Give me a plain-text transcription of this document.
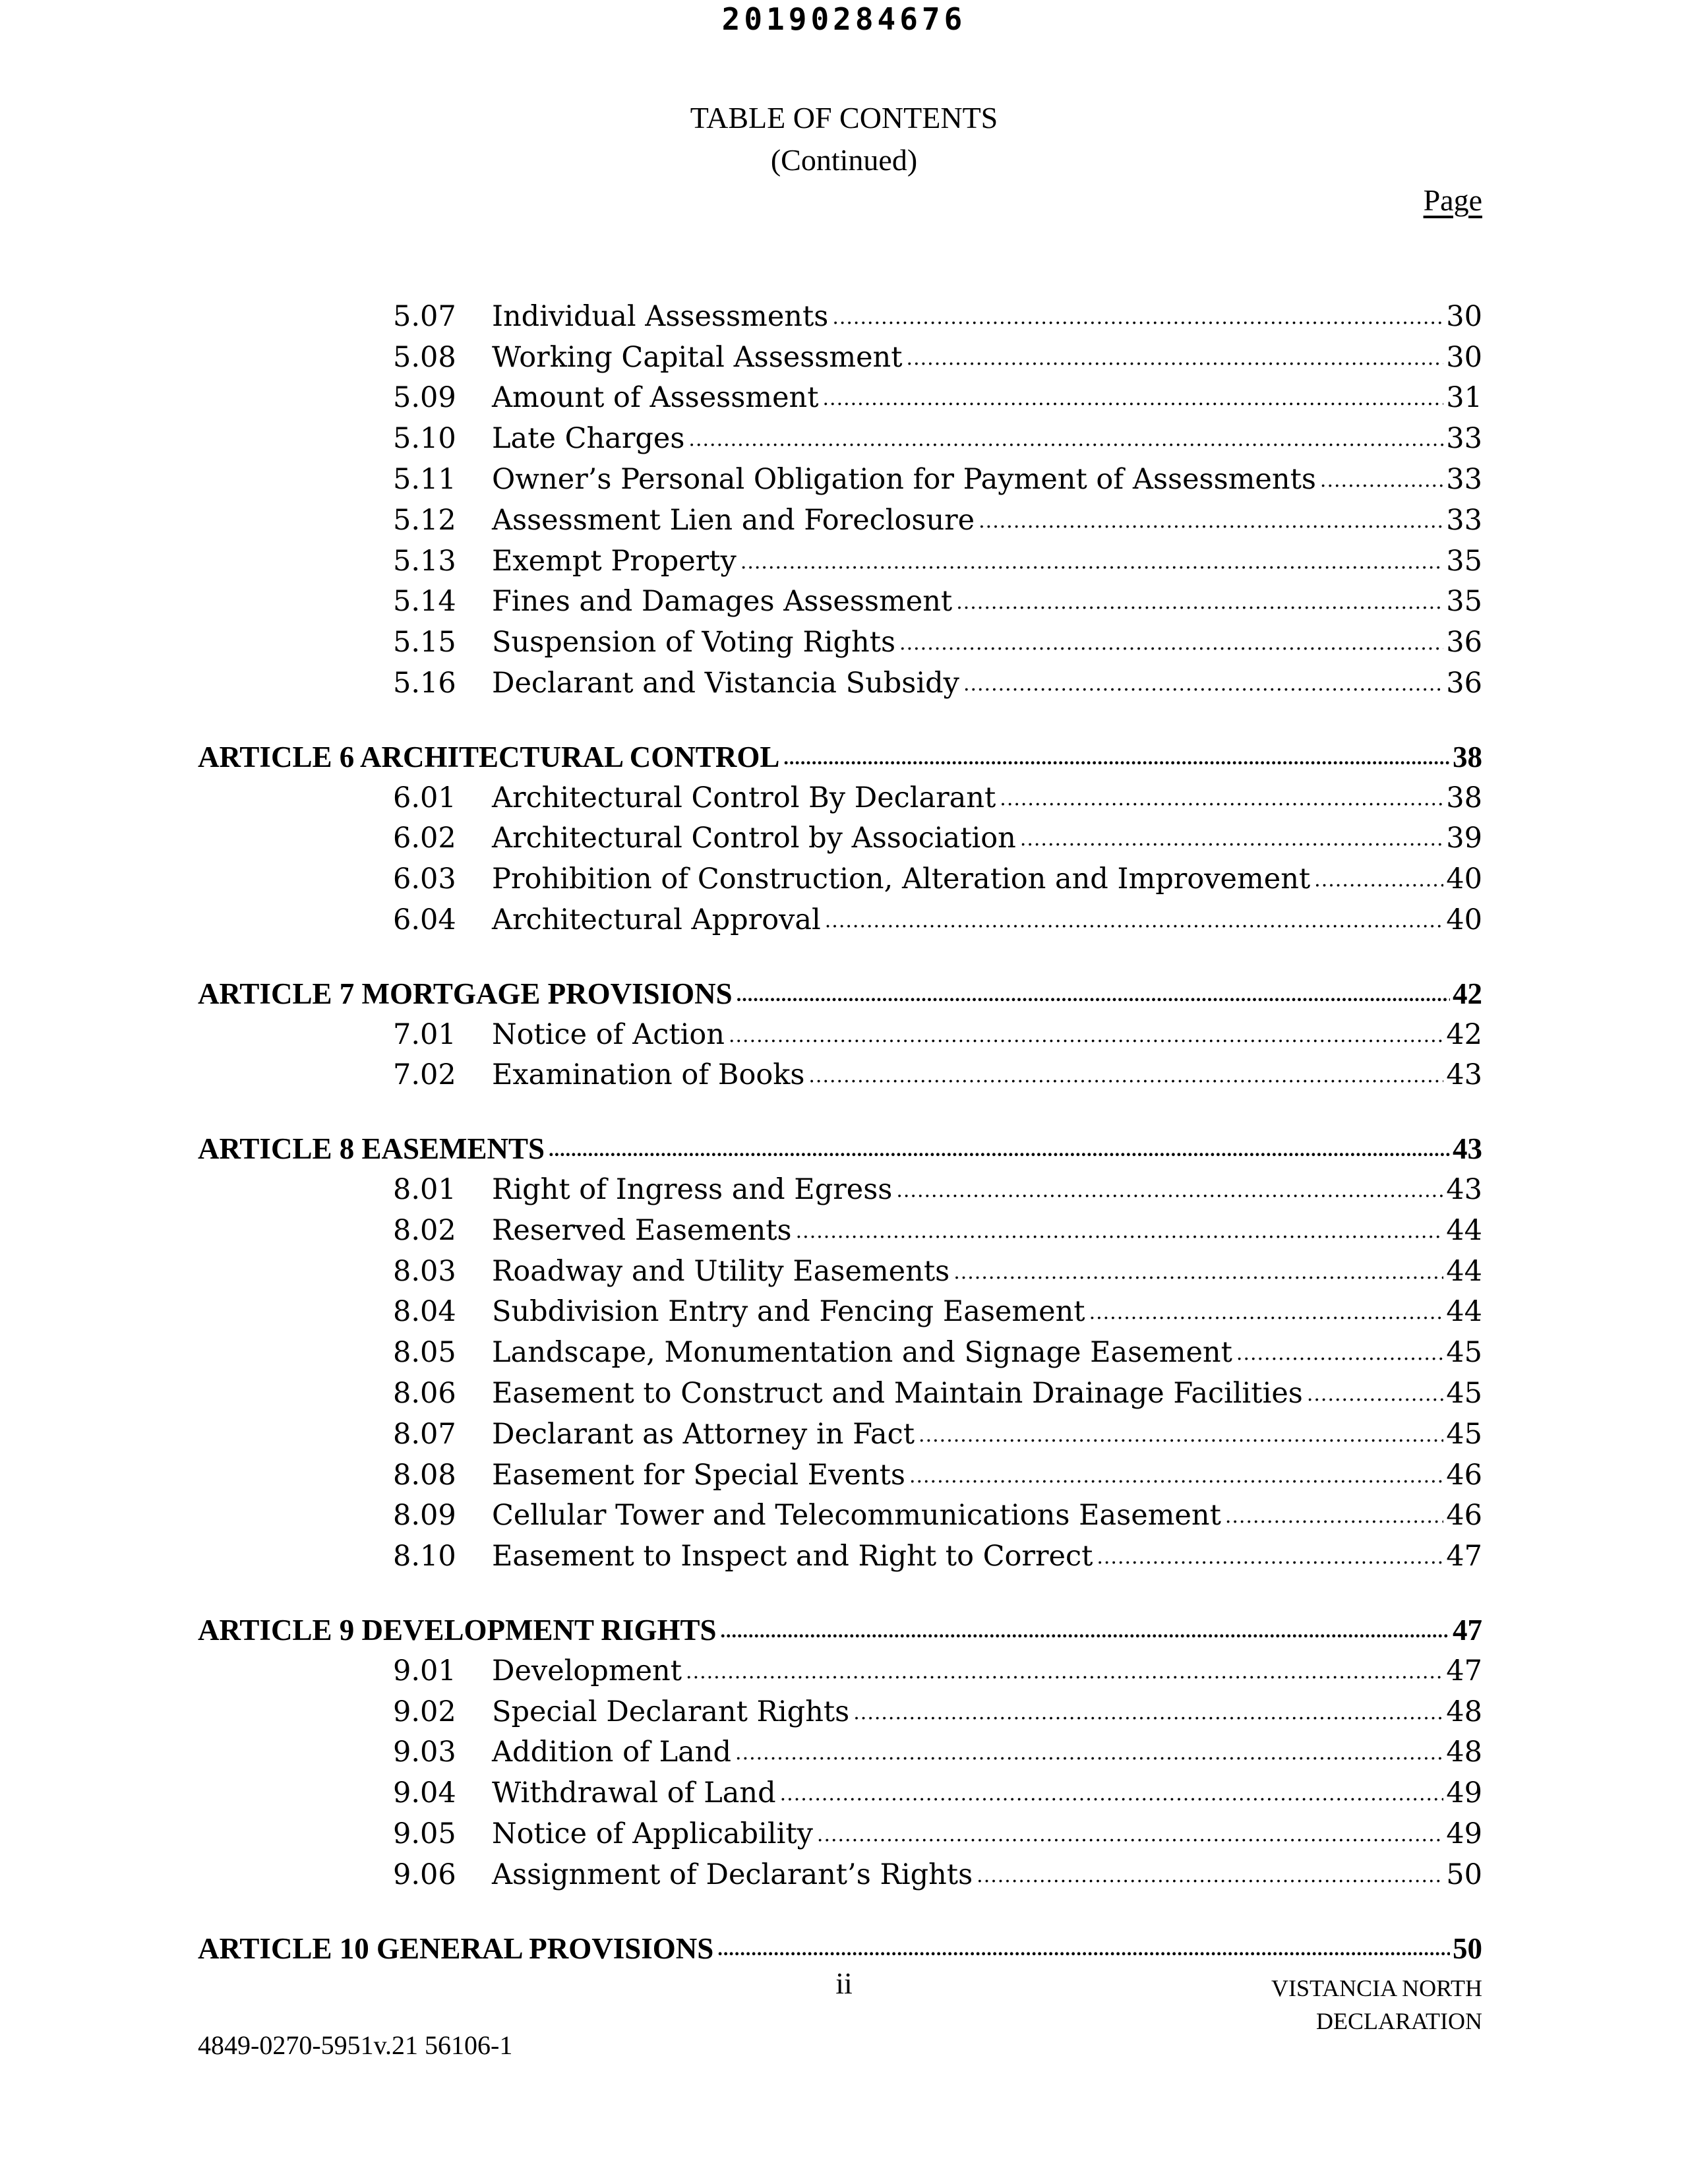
20190284676
TABLE OF CONTENTS
(Continued)
Page
5.07	Individual Assessments .....	30
5.08	Working Capital Assessment .....	30
5.09	Amount of Assessment .....	31
5.10	Late Charges .....	33
5.11	Owner’s Personal Obligation for Payment of Assessments .....	33
5.12	Assessment Lien and Foreclosure .....	33
5.13	Exempt Property .....	35
5.14	Fines and Damages Assessment .....	35
5.15	Suspension of Voting Rights .....	36
5.16	Declarant and Vistancia Subsidy .....	36
ARTICLE 6 ARCHITECTURAL CONTROL .....	38
6.01	Architectural Control By Declarant .....	38
6.02	Architectural Control by Association .....	39
6.03	Prohibition of Construction, Alteration and Improvement .....	40
6.04	Architectural Approval .....	40
ARTICLE 7 MORTGAGE PROVISIONS .....	42
7.01	Notice of Action .....	42
7.02	Examination of Books .....	43
ARTICLE 8 EASEMENTS .....	43
8.01	Right of Ingress and Egress .....	43
8.02	Reserved Easements .....	44
8.03	Roadway and Utility Easements .....	44
8.04	Subdivision Entry and Fencing Easement .....	44
8.05	Landscape, Monumentation and Signage Easement .....	45
8.06	Easement to Construct and Maintain Drainage Facilities .....	45
8.07	Declarant as Attorney in Fact .....	45
8.08	Easement for Special Events .....	46
8.09	Cellular Tower and Telecommunications Easement .....	46
8.10	Easement to Inspect and Right to Correct .....	47
ARTICLE 9 DEVELOPMENT RIGHTS .....	47
9.01	Development .....	47
9.02	Special Declarant Rights .....	48
9.03	Addition of Land .....	48
9.04	Withdrawal of Land .....	49
9.05	Notice of Applicability .....	49
9.06	Assignment of Declarant’s Rights .....	50
ARTICLE 10 GENERAL PROVISIONS .....	50
ii	VISTANCIA NORTH
DECLARATION
4849-0270-5951v.21 56106-1
